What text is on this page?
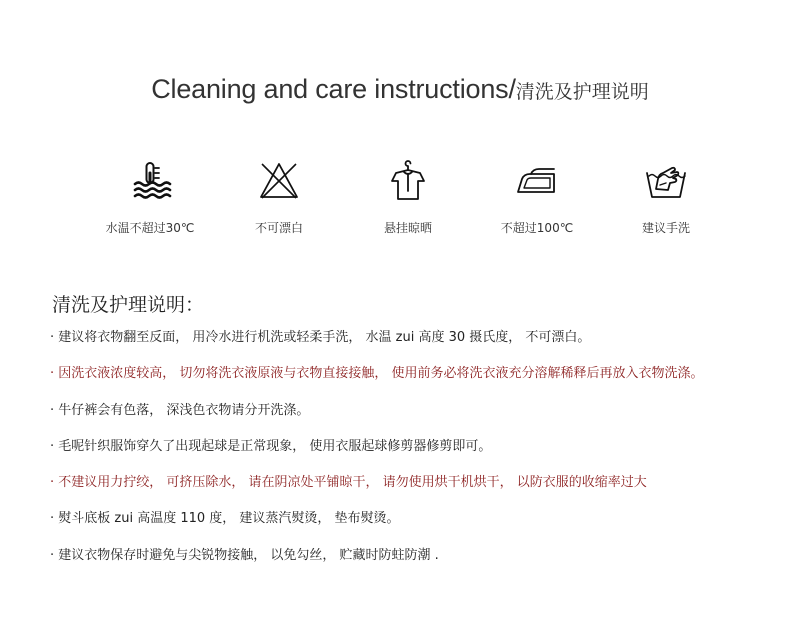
Cleaning and care instructions/清洗及护理说明
水温不超过30℃	不可漂白	悬挂晾晒	不超过100℃	建议手洗
清洗及护理说明：
· 建议将衣物翻至反面， 用冷水进行机洗或轻柔手洗， 水温 zui 高度 30 摄氏度， 不可漂白。
· 因洗衣液浓度较高， 切勿将洗衣液原液与衣物直接接触， 使用前务必将洗衣液充分溶解稀释后再放入衣物洗涤。
· 牛仔裤会有色落， 深浅色衣物请分开洗涤。
· 毛呢针织服饰穿久了出现起球是正常现象， 使用衣服起球修剪器修剪即可。
· 不建议用力拧绞， 可挤压除水， 请在阴凉处平铺晾干， 请勿使用烘干机烘干， 以防衣服的收缩率过大
· 熨斗底板 zui 高温度 110 度， 建议蒸汽熨烫， 垫布熨烫。
· 建议衣物保存时避免与尖锐物接触， 以免勾丝， 贮藏时防蛀防潮 .
